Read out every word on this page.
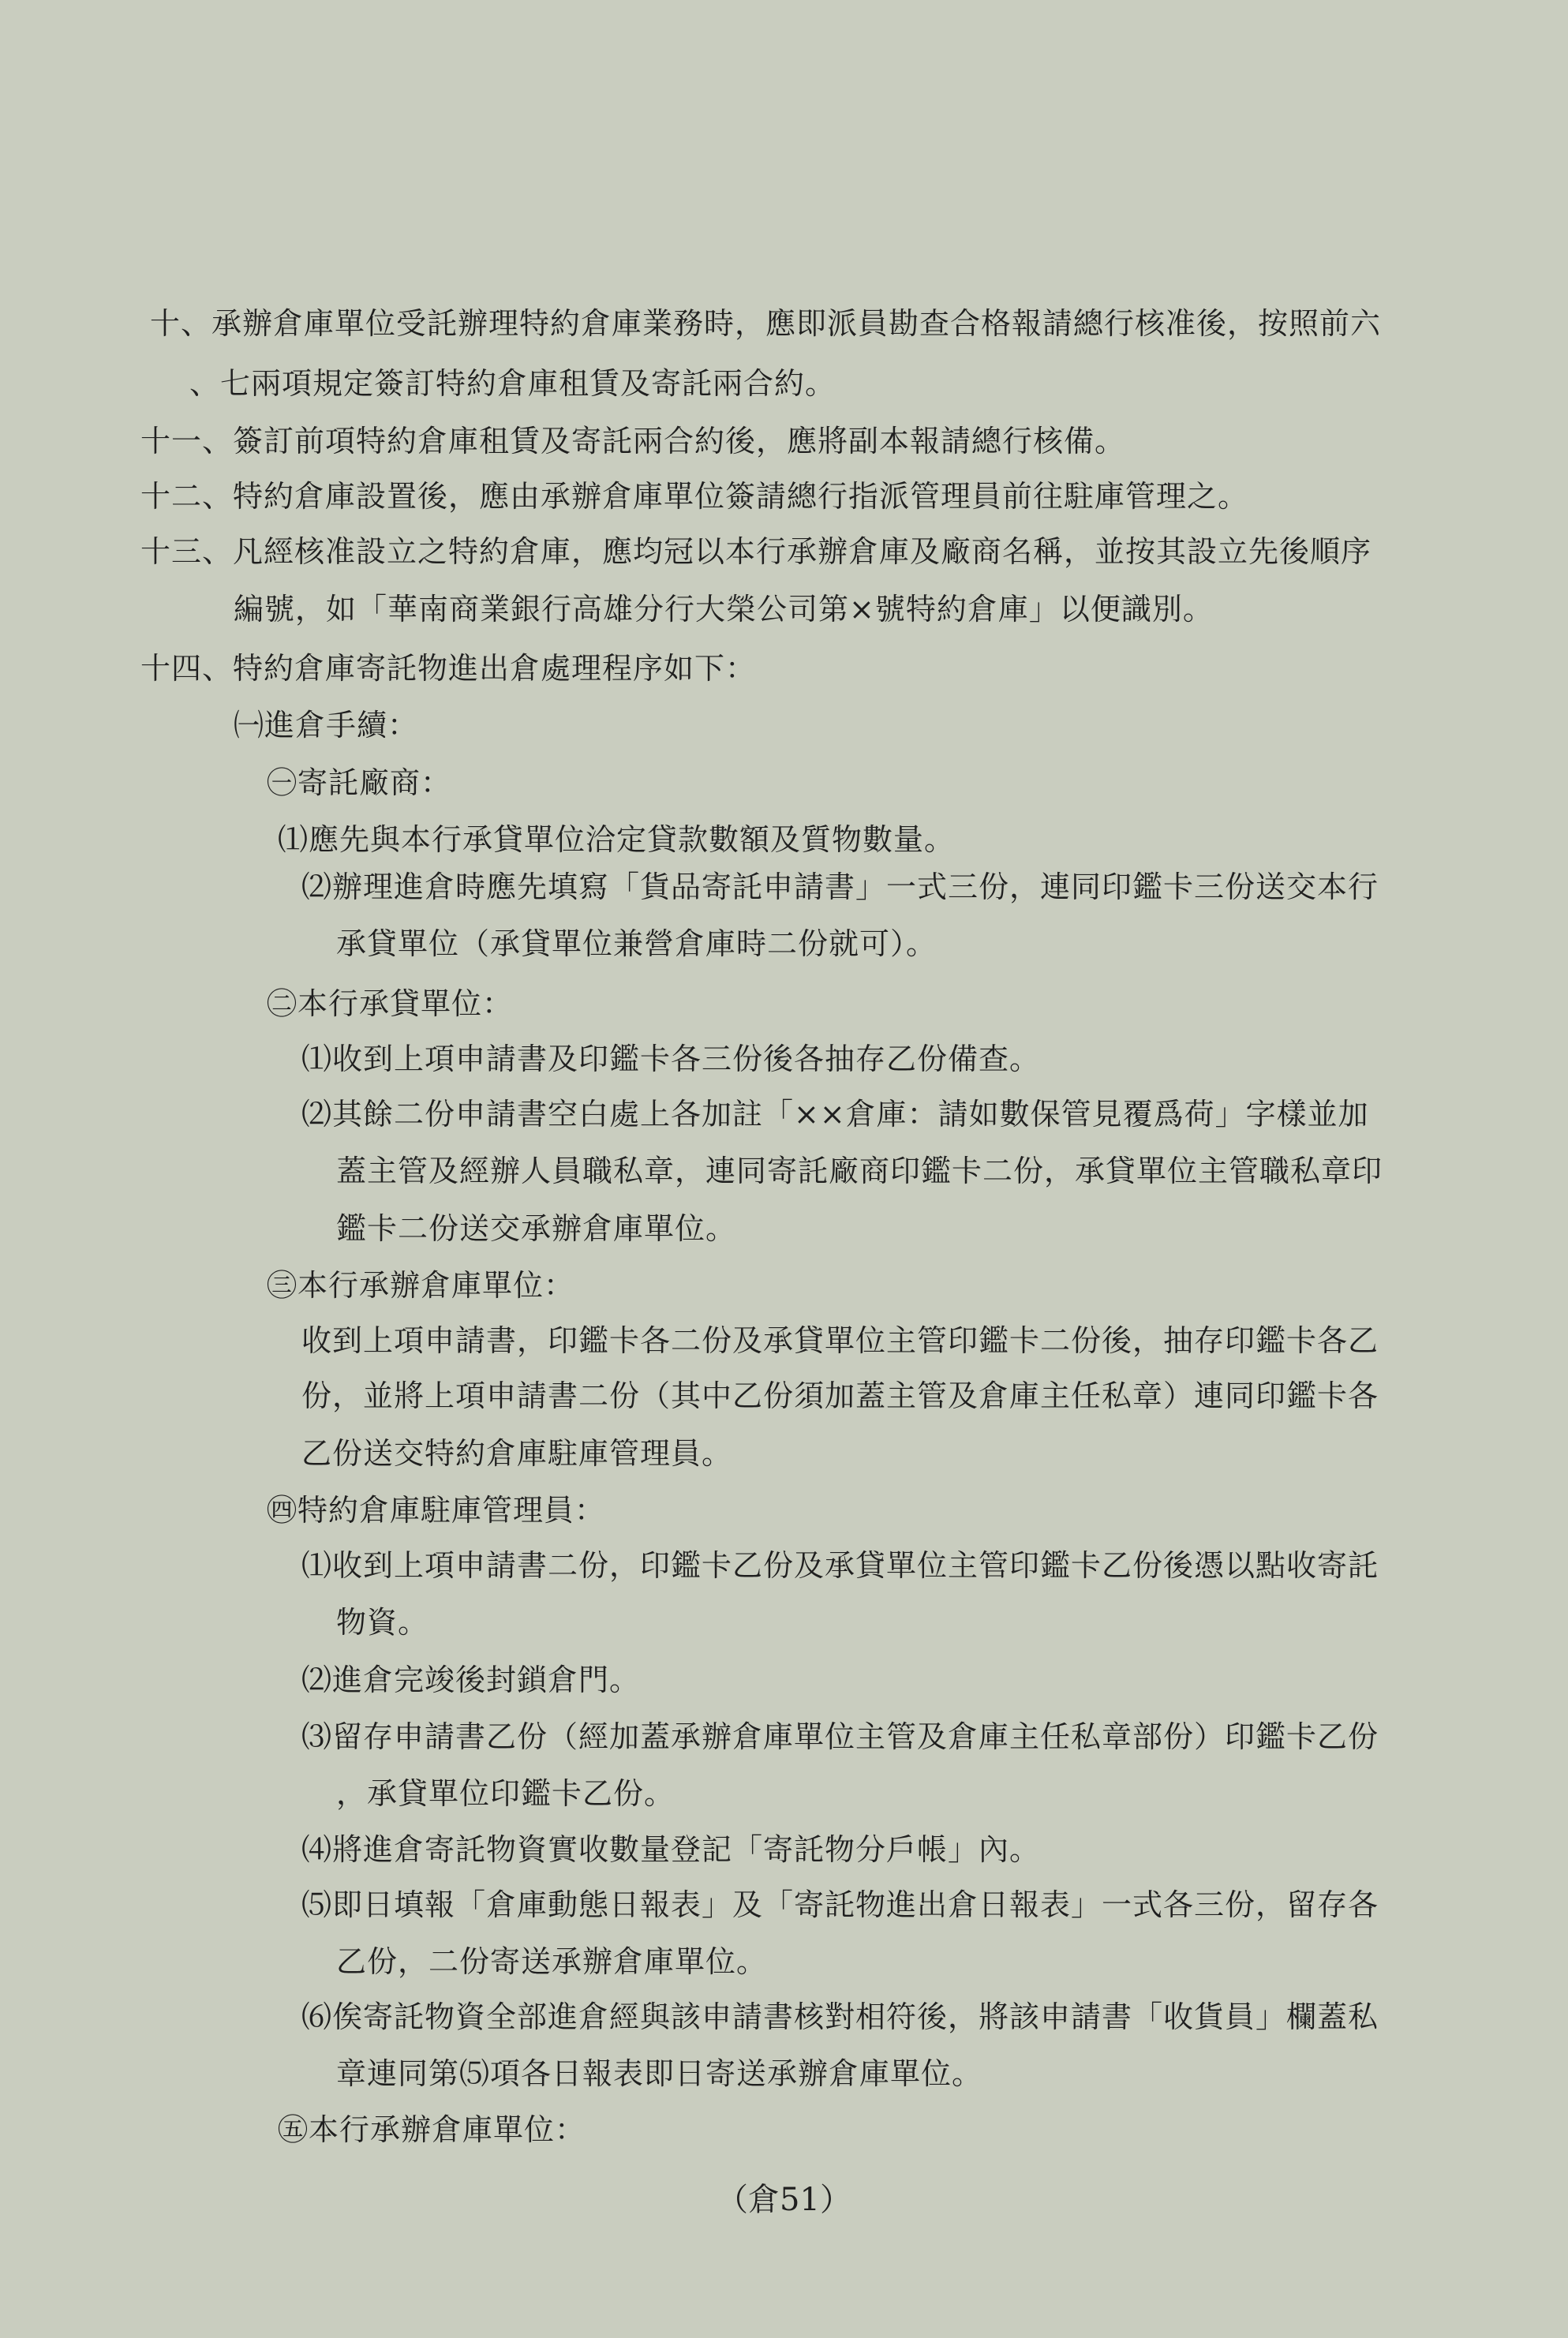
十、承辦倉庫單位受託辦理特約倉庫業務時，應即派員勘查合格報請總行核准後，按照前六
、七兩項規定簽訂特約倉庫租賃及寄託兩合約。
十一、簽訂前項特約倉庫租賃及寄託兩合約後，應將副本報請總行核備。
十二、特約倉庫設置後，應由承辦倉庫單位簽請總行指派管理員前往駐庫管理之。
十三、凡經核准設立之特約倉庫，應均冠以本行承辦倉庫及廠商名稱，並按其設立先後順序
編號，如「華南商業銀行高雄分行大榮公司第×號特約倉庫」以便識別。
十四、特約倉庫寄託物進出倉處理程序如下：
㈠進倉手續：
㊀寄託廠商：
⑴應先與本行承貸單位洽定貸款數額及質物數量。
⑵辦理進倉時應先填寫「貨品寄託申請書」一式三份，連同印鑑卡三份送交本行
承貸單位（承貸單位兼營倉庫時二份就可）。
㊁本行承貸單位：
⑴收到上項申請書及印鑑卡各三份後各抽存乙份備查。
⑵其餘二份申請書空白處上各加註「××倉庫：請如數保管見覆爲荷」字樣並加
蓋主管及經辦人員職私章，連同寄託廠商印鑑卡二份，承貸單位主管職私章印
鑑卡二份送交承辦倉庫單位。
㊂本行承辦倉庫單位：
收到上項申請書，印鑑卡各二份及承貸單位主管印鑑卡二份後，抽存印鑑卡各乙
份，並將上項申請書二份（其中乙份須加蓋主管及倉庫主任私章）連同印鑑卡各
乙份送交特約倉庫駐庫管理員。
㊃特約倉庫駐庫管理員：
⑴收到上項申請書二份，印鑑卡乙份及承貸單位主管印鑑卡乙份後憑以點收寄託
物資。
⑵進倉完竣後封鎖倉門。
⑶留存申請書乙份（經加蓋承辦倉庫單位主管及倉庫主任私章部份）印鑑卡乙份
，承貸單位印鑑卡乙份。
⑷將進倉寄託物資實收數量登記「寄託物分戶帳」內。
⑸即日填報「倉庫動態日報表」及「寄託物進出倉日報表」一式各三份，留存各
乙份，二份寄送承辦倉庫單位。
⑹俟寄託物資全部進倉經與該申請書核對相符後，將該申請書「收貨員」欄蓋私
章連同第⑸項各日報表即日寄送承辦倉庫單位。
㊄本行承辦倉庫單位：
（倉51）
